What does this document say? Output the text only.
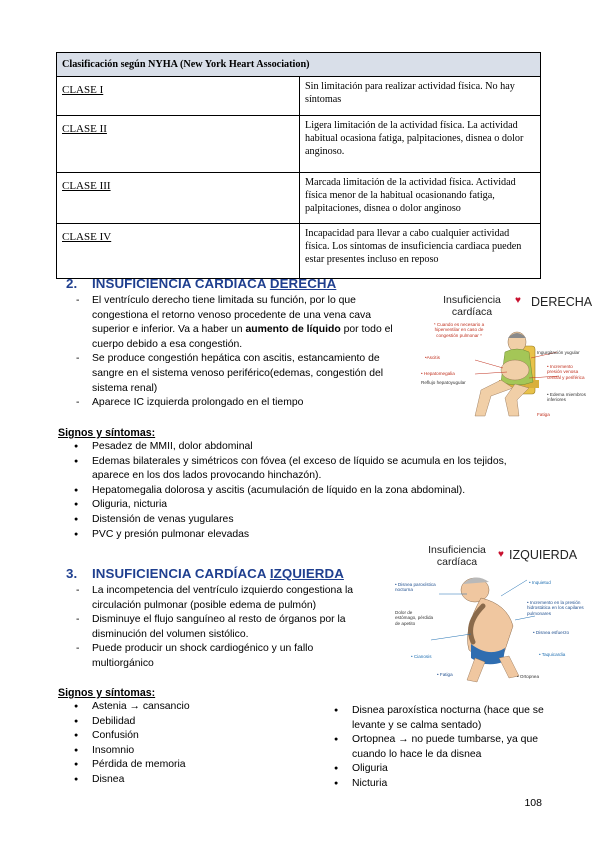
Clasificación según NYHA (New York Heart Association)	
CLASE I	Sin limitación para realizar actividad física. No hay síntomas
CLASE II	Ligera limitación de la actividad física. La actividad habitual ocasiona fatiga, palpitaciones, disnea o dolor anginoso.
CLASE III	Marcada limitación de la actividad física. Actividad física menor de la habitual ocasionando fatiga, palpitaciones, disnea o dolor anginoso
CLASE IV	Incapacidad para llevar a cabo cualquier actividad física. Los síntomas de insuficiencia cardiaca pueden estar presentes incluso en reposo
2. INSUFICIENCIA CARDIACA DERECHA
- El ventrículo derecho tiene limitada su función, por lo que congestiona el retorno venoso procedente de una vena cava superior e inferior. Va a haber un aumento de líquido por todo el cuerpo debido a esa congestión.
- Se produce congestión hepática con ascitis, estancamiento de sangre en el sistema venoso periférico(edemas, congestión del sistema renal)
- Aparece IC izquierda prolongado en el tiempo
Insuficiencia
cardíaca
♥ DERECHA
* Cuando es necesario a hiperventilar en caso de congestión pulmonar *
•Ascitis
• Hepatomegalia
Reflujo hepatoyugular
Ingurgitación yugular
• Incremento presión venosa central y periférica
• Edema miembros inferiores
Fatiga
Signos y síntomas:
● Pesadez de MMII, dolor abdominal
● Edemas bilaterales y simétricos con fóvea (el exceso de líquido se acumula en los tejidos, aparece en los dos lados provocando hinchazón).
● Hepatomegalia dolorosa y ascitis (acumulación de líquido en la zona abdominal).
● Oliguria, nicturia
● Distensión de venas yugulares
● PVC y presión pulmonar elevadas
3. INSUFICIENCIA CARDÍACA IZQUIERDA
- La incompetencia del ventrículo izquierdo congestiona la circulación pulmonar (posible edema de pulmón)
- Disminuye el flujo sanguíneo al resto de órganos por la disminución del volumen sistólico.
- Puede producir un shock cardiogénico y un fallo multiorgánico
Insuficiencia
cardíaca
♥ IZQUIERDA
• Disnea paroxística nocturna
• Inquietud
Dolor de estómago, pérdida de apetito
• Incremento en la presión hidrostática en los capilares pulmonares
• Disnea esfuerzo
• Cianosis	• Taquicardia
• Fatiga	• Ortopnea
Signos y síntomas:
● Astenia → cansancio
● Debilidad
● Confusión
● Insomnio
● Pérdida de memoria
● Disnea
● Disnea paroxística nocturna (hace que se levante y se calma sentado)
● Ortopnea → no puede tumbarse, ya que cuando lo hace le da disnea
● Oliguria
● Nicturia
108
